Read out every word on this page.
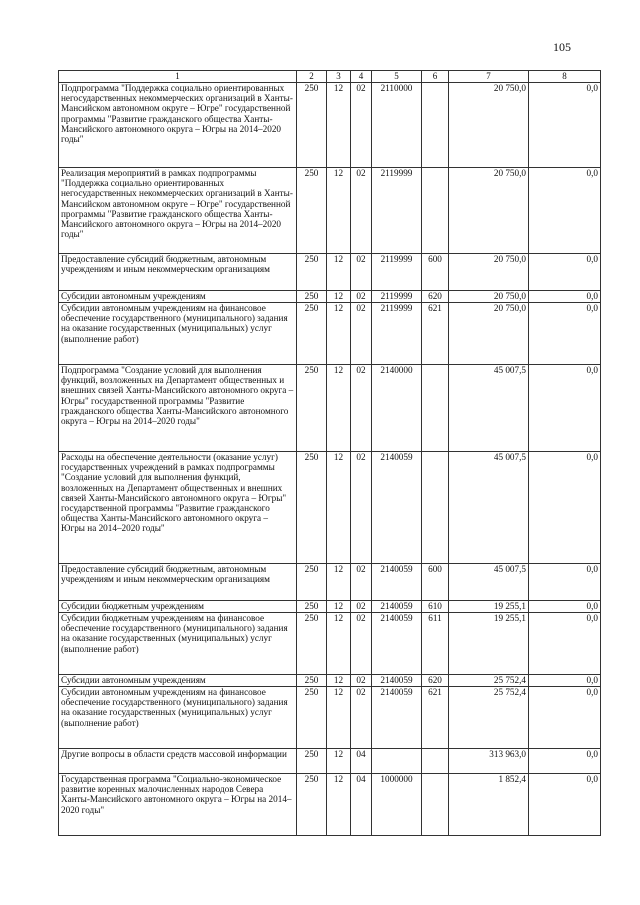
105
1	2	3	4	5	6	7	8
Подпрограмма "Поддержка социально ориентированных негосударственных некоммерческих организаций в Ханты-Мансийском автономном округе – Югре" государственной программы "Развитие гражданского общества Ханты-Мансийского автономного округа – Югры на 2014–2020 годы"	250	12	02	2110000		20 750,0	0,0
Реализация мероприятий в рамках подпрограммы "Поддержка социально ориентированных негосударственных некоммерческих организаций в Ханты-Мансийском автономном округе – Югре" государственной программы "Развитие гражданского общества Ханты-Мансийского автономного округа – Югры на 2014–2020 годы"	250	12	02	2119999		20 750,0	0,0
Предоставление субсидий бюджетным, автономным учреждениям и иным некоммерческим организациям	250	12	02	2119999	600	20 750,0	0,0
Субсидии автономным учреждениям	250	12	02	2119999	620	20 750,0	0,0
Субсидии автономным учреждениям на финансовое обеспечение государственного (муниципального) задания на оказание государственных (муниципальных) услуг (выполнение работ)	250	12	02	2119999	621	20 750,0	0,0
Подпрограмма "Создание условий для выполнения функций, возложенных на Департамент общественных и внешних связей Ханты-Мансийского автономного округа – Югры" государственной программы "Развитие гражданского общества Ханты-Мансийского автономного округа – Югры на 2014–2020 годы"	250	12	02	2140000		45 007,5	0,0
Расходы на обеспечение деятельности (оказание услуг) государственных учреждений в рамках подпрограммы "Создание условий для выполнения функций, возложенных на Департамент общественных и внешних связей Ханты-Мансийского автономного округа – Югры" государственной программы "Развитие гражданского общества Ханты-Мансийского автономного округа – Югры на 2014–2020 годы"	250	12	02	2140059		45 007,5	0,0
Предоставление субсидий бюджетным, автономным учреждениям и иным некоммерческим организациям	250	12	02	2140059	600	45 007,5	0,0
Субсидии бюджетным учреждениям	250	12	02	2140059	610	19 255,1	0,0
Субсидии бюджетным учреждениям на финансовое обеспечение государственного (муниципального) задания на оказание государственных (муниципальных) услуг (выполнение работ)	250	12	02	2140059	611	19 255,1	0,0
Субсидии автономным учреждениям	250	12	02	2140059	620	25 752,4	0,0
Субсидии автономным учреждениям на финансовое обеспечение государственного (муниципального) задания на оказание государственных (муниципальных) услуг (выполнение работ)	250	12	02	2140059	621	25 752,4	0,0
Другие вопросы в области средств массовой информации	250	12	04			313 963,0	0,0
Государственная программа "Социально-экономическое развитие коренных малочисленных народов Севера Ханты-Мансийского автономного округа – Югры на 2014–2020 годы"	250	12	04	1000000		1 852,4	0,0
